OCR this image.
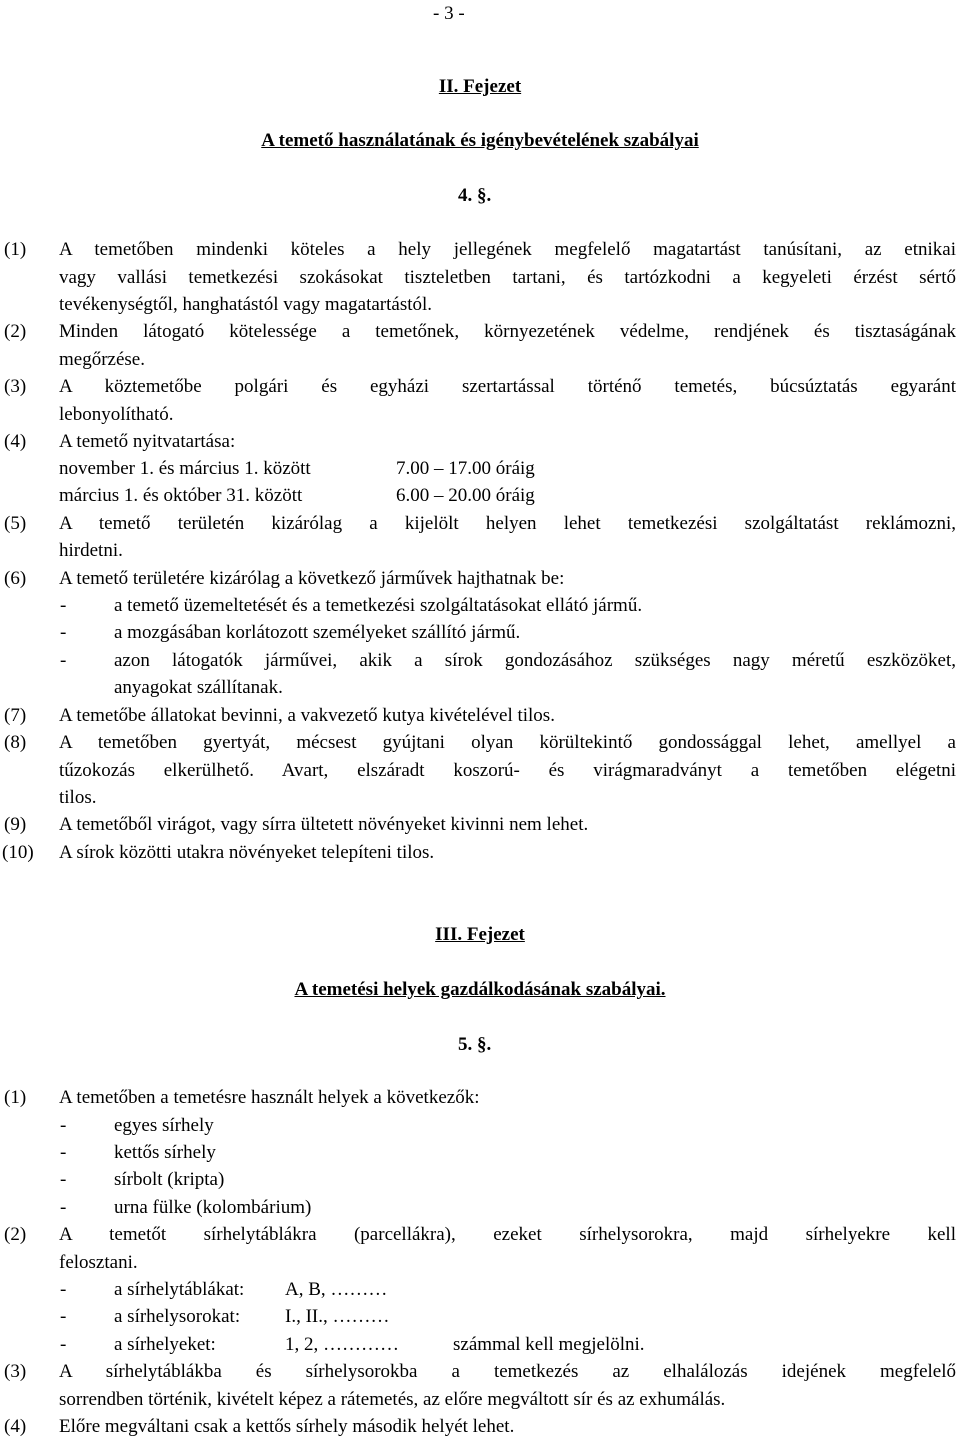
- 3 -
II. Fejezet
A temető használatának és igénybevételének szabályai
4. §.
(1) A temetőben mindenki köteles a hely jellegének megfelelő magatartást tanúsítani, az etnikai
vagy vallási temetkezési szokásokat tiszteletben tartani, és tartózkodni a kegyeleti érzést sértő
tevékenységtől, hanghatástól vagy magatartástól.
(2) Minden látogató kötelessége a temetőnek, környezetének védelme, rendjének és tisztaságának
megőrzése.
(3) A köztemetőbe polgári és egyházi szertartással történő temetés, búcsúztatás egyaránt
lebonyolítható.
(4) A temető nyitvatartása:
november 1. és március 1. között	7.00 – 17.00 óráig
március 1. és október 31. között	6.00 – 20.00 óráig
(5) A temető területén kizárólag a kijelölt helyen lehet temetkezési szolgáltatást reklámozni,
hirdetni.
(6) A temető területére kizárólag a következő járművek hajthatnak be:
-	a temető üzemeltetését és a temetkezési szolgáltatásokat ellátó jármű.
-	a mozgásában korlátozott személyeket szállító jármű.
-	azon látogatók járművei, akik a sírok gondozásához szükséges nagy méretű eszközöket,
anyagokat szállítanak.
(7) A temetőbe állatokat bevinni, a vakvezető kutya kivételével tilos.
(8) A temetőben gyertyát, mécsest gyújtani olyan körültekintő gondossággal lehet, amellyel a
tűzokozás elkerülhető. Avart, elszáradt koszorú- és virágmaradványt a temetőben elégetni
tilos.
(9) A temetőből virágot, vagy sírra ültetett növényeket kivinni nem lehet.
(10) A sírok közötti utakra növényeket telepíteni tilos.
III. Fejezet
A temetési helyek gazdálkodásának szabályai.
5. §.
(1) A temetőben a temetésre használt helyek a következők:
-	egyes sírhely
-	kettős sírhely
-	sírbolt (kripta)
-	urna fülke (kolombárium)
(2) A temetőt sírhelytáblákra (parcellákra), ezeket sírhelysorokra, majd sírhelyekre kell
felosztani.
-	a sírhelytáblákat: A, B, ………
-	a sírhelysorokat: I., II., ………
-	a sírhelyeket:	1, 2, …………	számmal kell megjelölni.
(3) A sírhelytáblákba és sírhelysorokba a temetkezés az elhalálozás idejének megfelelő
sorrendben történik, kivételt képez a rátemetés, az előre megváltott sír és az exhumálás.
(4) Előre megváltani csak a kettős sírhely második helyét lehet.
